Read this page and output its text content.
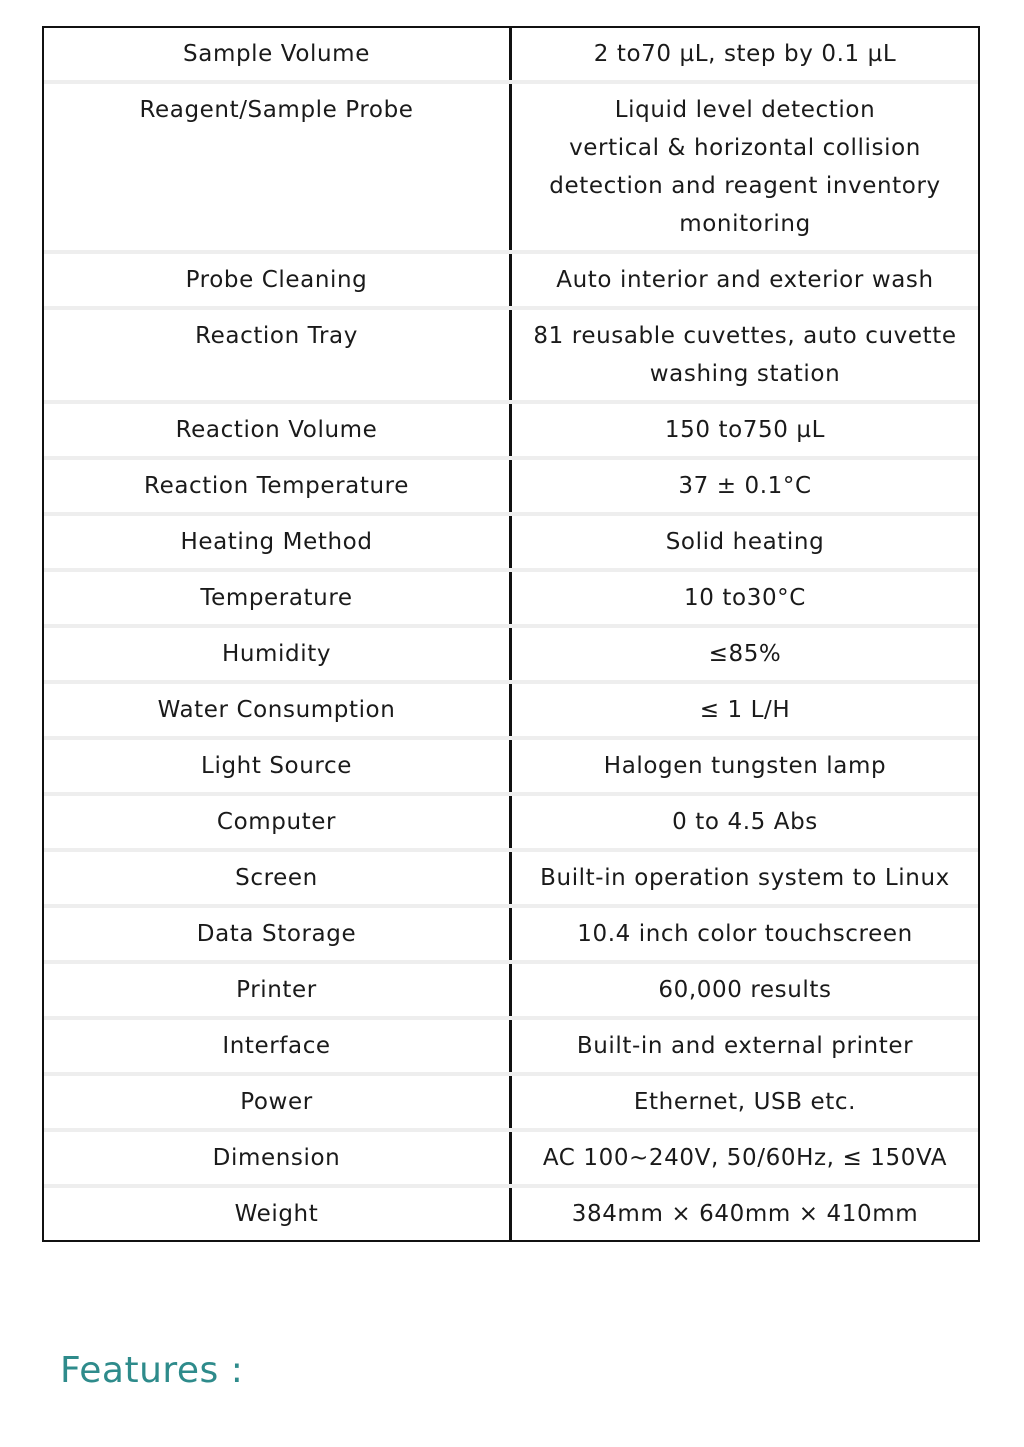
Sample Volume	2 to70 µL, step by 0.1 µL
Reagent/Sample Probe	Liquid level detection
vertical & horizontal collision
detection and reagent inventory
monitoring
Probe Cleaning	Auto interior and exterior wash
Reaction Tray	81 reusable cuvettes, auto cuvette
washing station
Reaction Volume	150 to750 µL
Reaction Temperature	37 ± 0.1°C
Heating Method	Solid heating
Temperature	10 to30°C
Humidity	≤85%
Water Consumption	≤ 1 L/H
Light Source	Halogen tungsten lamp
Computer	0 to 4.5 Abs
Screen	Built-in operation system to Linux
Data Storage	10.4 inch color touchscreen
Printer	60,000 results
Interface	Built-in and external printer
Power	Ethernet, USB etc.
Dimension	AC 100~240V, 50/60Hz, ≤ 150VA
Weight	384mm × 640mm × 410mm
Features :
